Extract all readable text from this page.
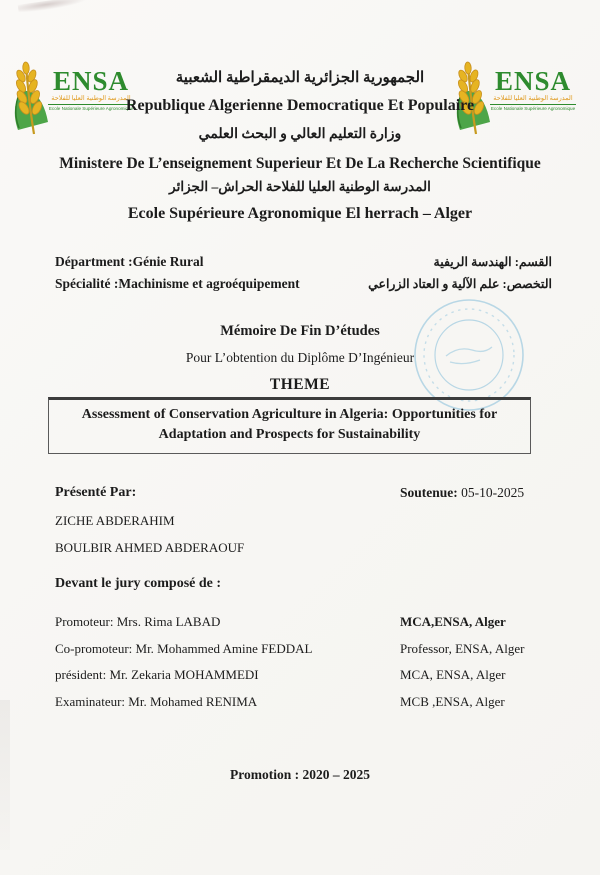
ENSA
المدرسة الوطنية العليا للفلاحة
Ecole Nationale Supérieure Agronomique
ENSA
المدرسة الوطنية العليا للفلاحة
Ecole Nationale Supérieure Agronomique
الجمهورية الجزائرية الديمقراطية الشعبية
Republique Algerienne Democratique Et Populaire
وزارة التعليم العالي و البحث العلمي
Ministere De L’enseignement Superieur Et De La Recherche Scientifique
المدرسة الوطنية العليا للفلاحة الحراش– الجزائر
Ecole Supérieure Agronomique El herrach – Alger
Départment :Génie Rural	القسم: الهندسة الريفية
Spécialité :Machinisme et agroéquipement	التخصص: علم الآلية و العتاد الزراعي
Mémoire De Fin D’études
Pour L’obtention du Diplôme D’Ingénieur
THEME
Assessment of Conservation Agriculture in Algeria: Opportunities for Adaptation and Prospects for Sustainability
Présenté Par:	Soutenue: 05-10-2025
ZICHE ABDERAHIM
BOULBIR AHMED ABDERAOUF
Devant le jury composé de :
Promoteur: Mrs. Rima LABAD	MCA,ENSA, Alger
Co-promoteur: Mr. Mohammed Amine FEDDAL	Professor, ENSA, Alger
président: Mr. Zekaria MOHAMMEDI	MCA, ENSA, Alger
Examinateur: Mr. Mohamed RENIMA	MCB ,ENSA, Alger
Promotion : 2020 – 2025
